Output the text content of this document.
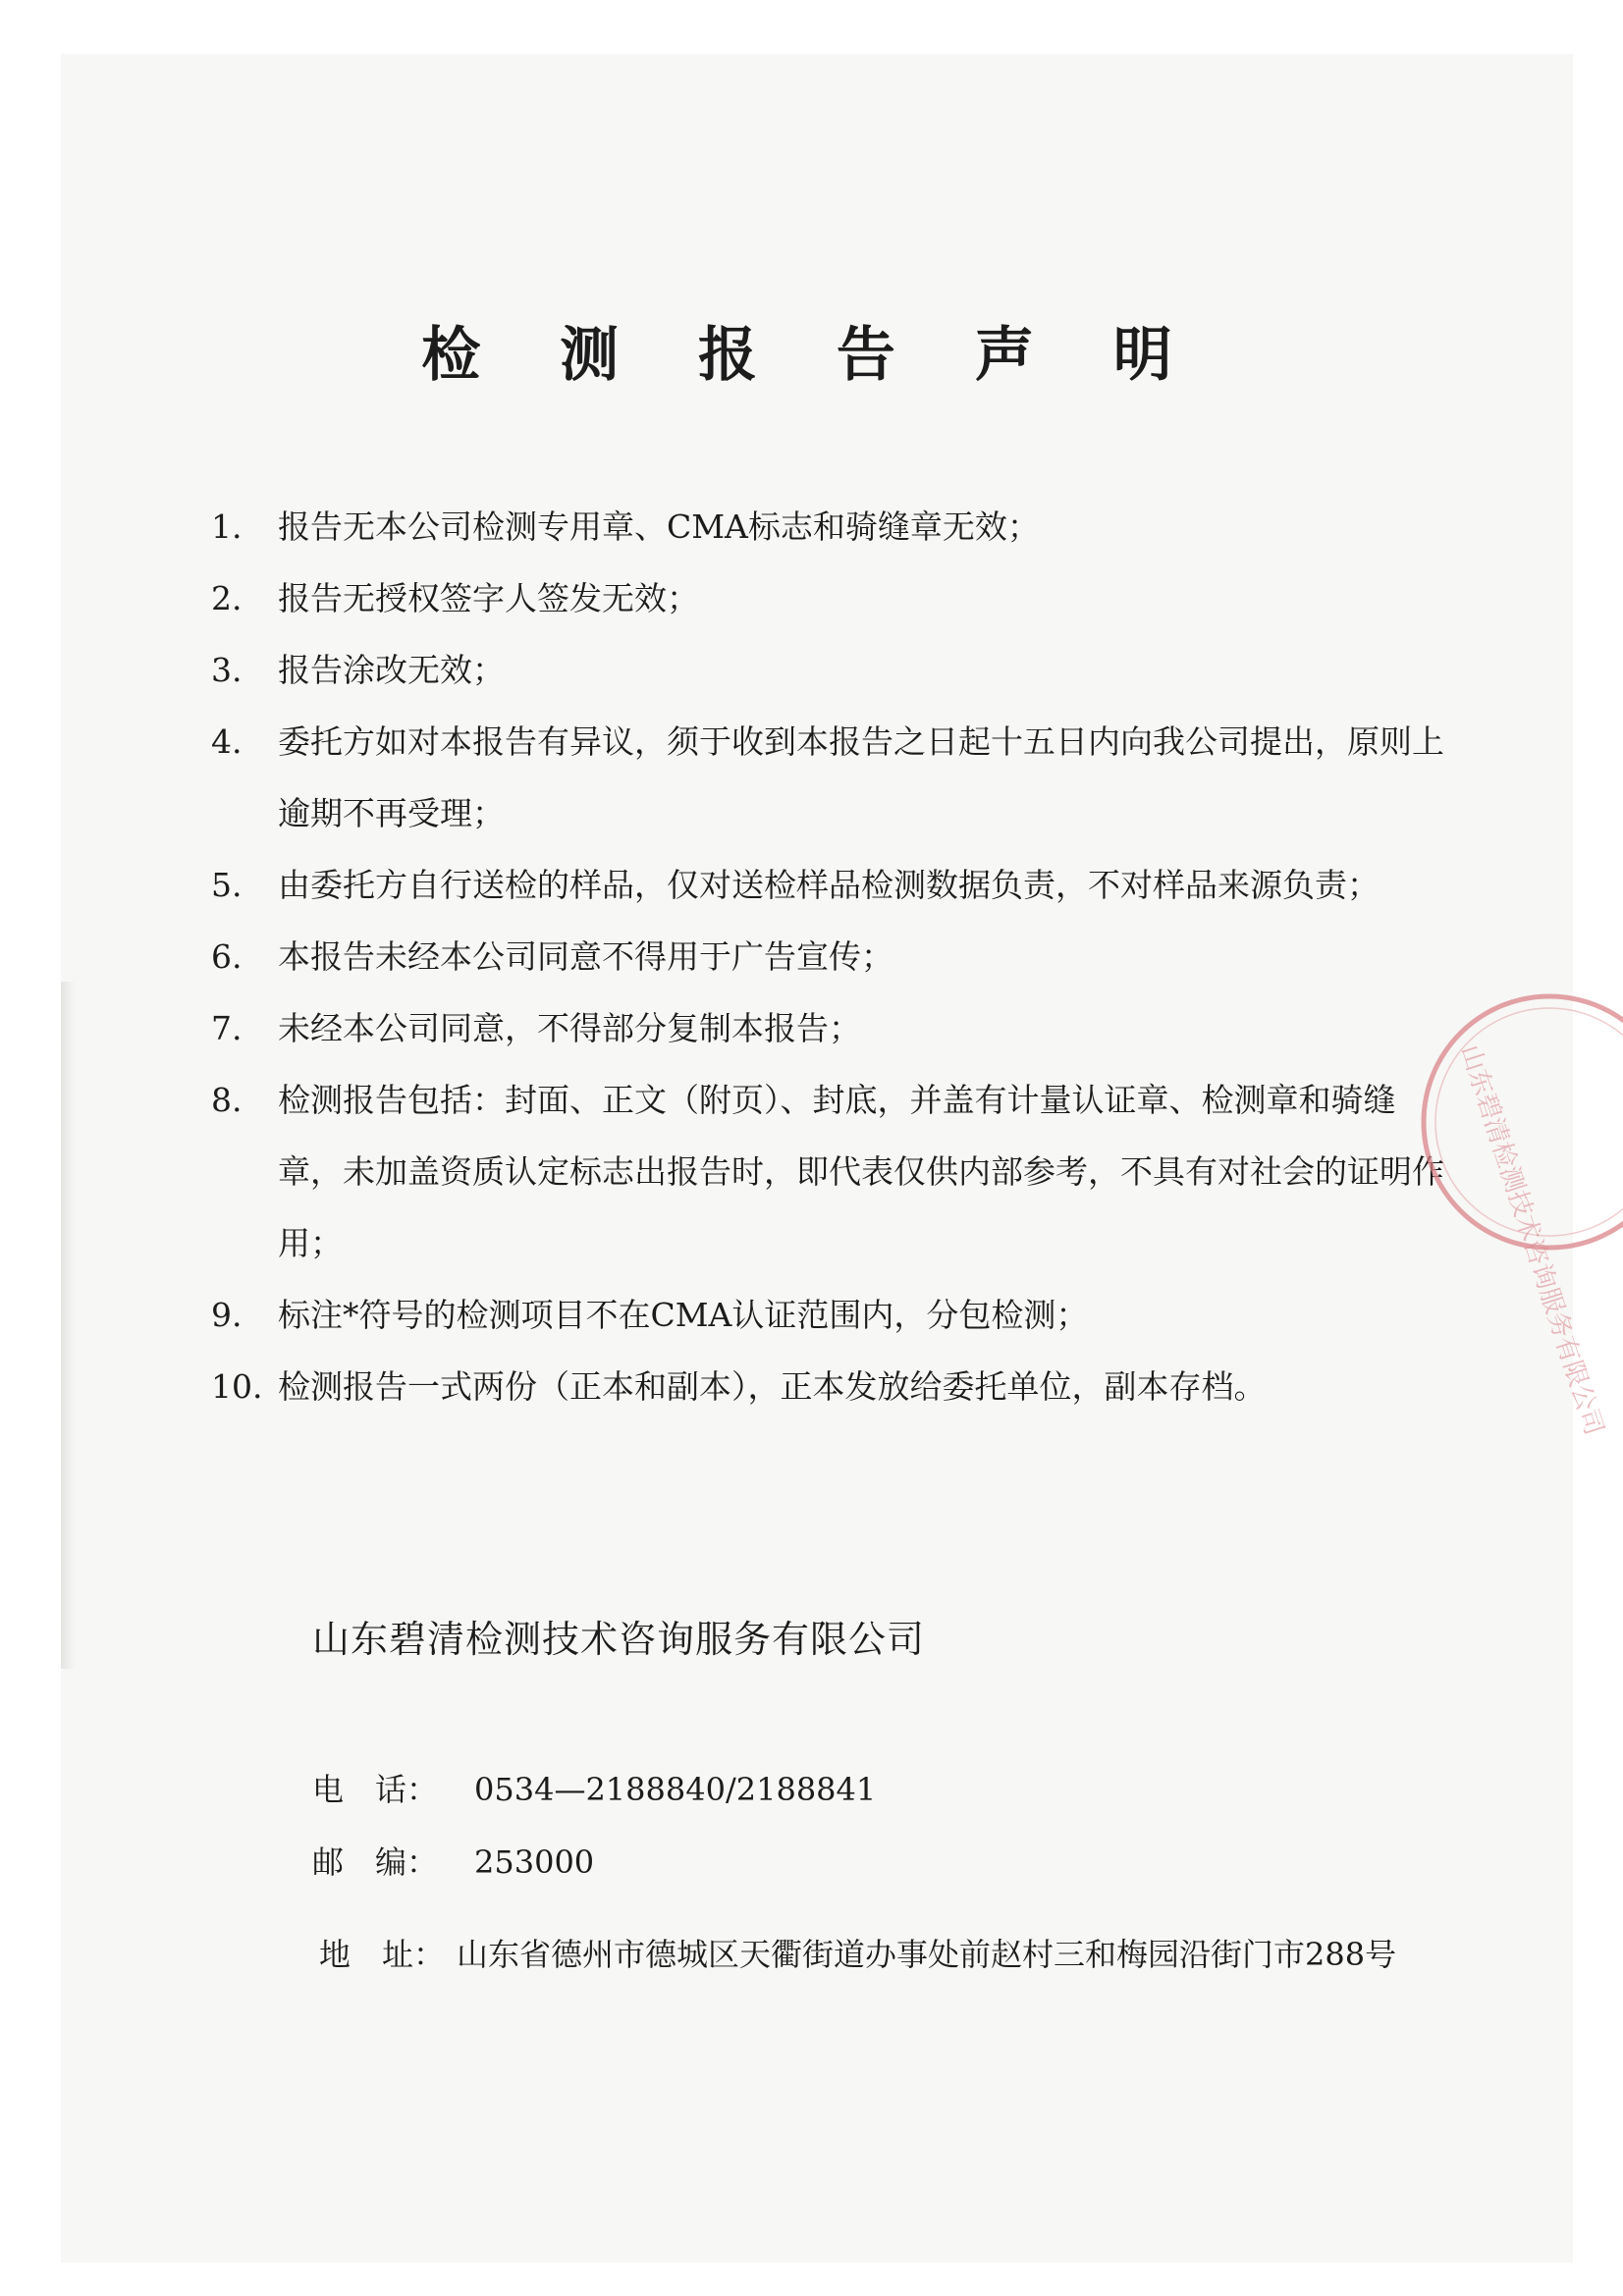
检 测 报 告 声 明
1. 报告无本公司检测专用章、CMA标志和骑缝章无效；
2. 报告无授权签字人签发无效；
3. 报告涂改无效；
4. 委托方如对本报告有异议，须于收到本报告之日起十五日内向我公司提出，原则上逾期不再受理；
5. 由委托方自行送检的样品，仅对送检样品检测数据负责，不对样品来源负责；
6. 本报告未经本公司同意不得用于广告宣传；
7. 未经本公司同意，不得部分复制本报告；
8. 检测报告包括：封面、正文（附页）、封底，并盖有计量认证章、检测章和骑缝章，未加盖资质认定标志出报告时，即代表仅供内部参考，不具有对社会的证明作用；
9. 标注*符号的检测项目不在CMA认证范围内，分包检测；
10. 检测报告一式两份（正本和副本），正本发放给委托单位，副本存档。
山东碧清检测技术咨询服务有限公司
电　话： 0534—2188840/2188841
邮　编： 253000
地　址： 山东省德州市德城区天衢街道办事处前赵村三和梅园沿街门市288号
山东碧清检测技术咨询服务有限公司
